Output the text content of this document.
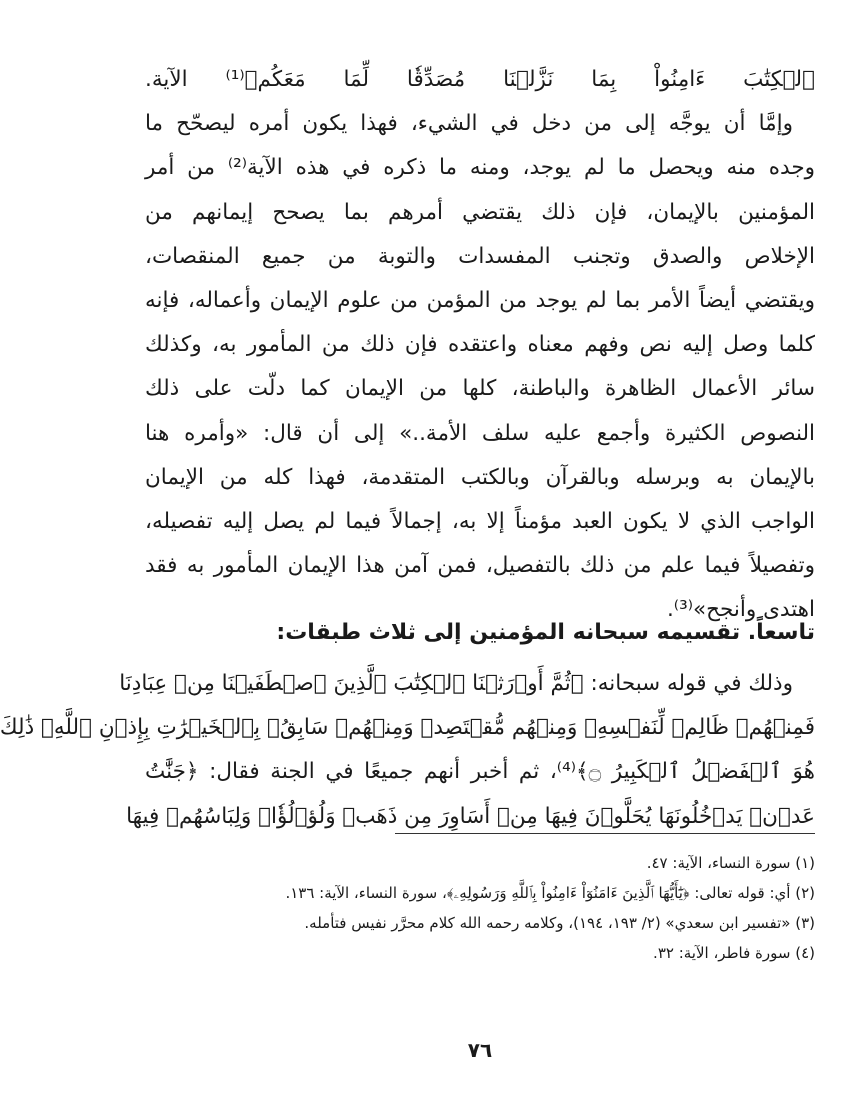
ٱلۡكِتَٰبَ ءَامِنُواْ بِمَا نَزَّلۡنَا مُصَدِّقٗا لِّمَا مَعَكُم﴾⁽¹⁾ الآية.
وإمَّا أن يوجَّه إلى من دخل في الشيء، فهذا يكون أمره ليصحّح ما
وجده منه ويحصل ما لم يوجد، ومنه ما ذكره في هذه الآية⁽²⁾ من أمر
المؤمنين بالإيمان، فإن ذلك يقتضي أمرهم بما يصحح إيمانهم من
الإخلاص والصدق وتجنب المفسدات والتوبة من جميع المنقصات،
ويقتضي أيضاً الأمر بما لم يوجد من المؤمن من علوم الإيمان وأعماله، فإنه
كلما وصل إليه نص وفهم معناه واعتقده فإن ذلك من المأمور به، وكذلك
سائر الأعمال الظاهرة والباطنة، كلها من الإيمان كما دلّت على ذلك
النصوص الكثيرة وأجمع عليه سلف الأمة..» إلى أن قال: «وأمره هنا
بالإيمان به وبرسله وبالقرآن وبالكتب المتقدمة، فهذا كله من الإيمان
الواجب الذي لا يكون العبد مؤمناً إلا به، إجمالاً فيما لم يصل إليه تفصيله،
وتفصيلاً فيما علم من ذلك بالتفصيل، فمن آمن هذا الإيمان المأمور به فقد
اهتدى وأنجح»⁽³⁾.
تاسعاً. تقسيمه سبحانه المؤمنين إلى ثلاث طبقات:
وذلك في قوله سبحانه: ﴿ثُمَّ أَوۡرَثۡنَا ٱلۡكِتَٰبَ ٱلَّذِينَ ٱصۡطَفَيۡنَا مِنۡ عِبَادِنَا
فَمِنۡهُمۡ ظَالِمٞ لِّنَفۡسِهِۦ وَمِنۡهُم مُّقۡتَصِدٞ وَمِنۡهُمۡ سَابِقُۢ بِٱلۡخَيۡرَٰتِ بِإِذۡنِ ٱللَّهِۚ ذَٰلِكَ
هُوَ ٱلۡفَضۡلُ ٱلۡكَبِيرُ ۝﴾⁽⁴⁾، ثم أخبر أنهم جميعًا في الجنة فقال: ﴿جَنَّٰتُ
عَدۡنٖ يَدۡخُلُونَهَا يُحَلَّوۡنَ فِيهَا مِنۡ أَسَاوِرَ مِن ذَهَبٖ وَلُؤۡلُؤٗاۖ وَلِبَاسُهُمۡ فِيهَا
(١) سورة النساء، الآية: ٤٧.
(٢) أي: قوله تعالى: ﴿يَٰٓأَيُّهَا ٱلَّذِينَ ءَامَنُوٓاْ ءَامِنُواْ بِٱللَّهِ وَرَسُولِهِۦ﴾، سورة النساء، الآية: ١٣٦.
(٣) «تفسير ابن سعدي» (٢/ ١٩٣، ١٩٤)، وكلامه رحمه الله كلام محرَّر نفيس فتأمله.
(٤) سورة فاطر، الآية: ٣٢.
٧٦
